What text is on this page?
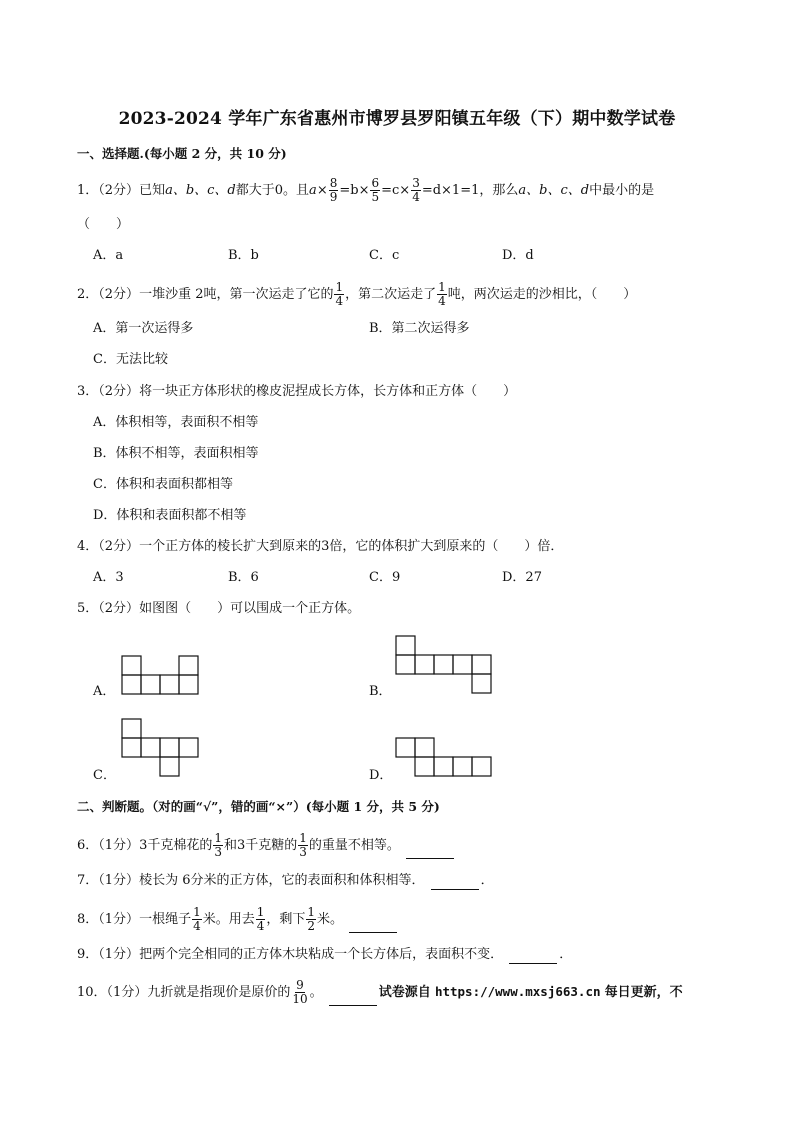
2023-2024 学年广东省惠州市博罗县罗阳镇五年级（下）期中数学试卷
一、选择题.(每小题 2 分，共 10 分)
1．（2分）已知a、b、c、d都大于0。且$a\times \frac{8}{9} =b\times \frac{6}{5} =c\times \frac{3}{4} =d\times 1=1$，那么a、b、c、d中最小的是
（　　）
A．a	B．b	C．c	D．d
2．（2分）一堆沙重 2吨，第一次运走了它的 $\frac{1}{4}$ ，第二次运走了 $\frac{1}{4}$ 吨，两次运走的沙相比，（　　）
A．第一次运得多	B．第二次运得多
C．无法比较
3．（2分）将一块正方体形状的橡皮泥捏成长方体，长方体和正方体（　　）
A．体积相等，表面积不相等
B．体积不相等，表面积相等
C．体积和表面积都相等
D．体积和表面积都不相等
4．（2分）一个正方体的棱长扩大到原来的3倍，它的体积扩大到原来的（　　）倍．
A．3	B．6	C．9	D．27
5．（2分）如图图（　　）可以围成一个正方体。
A．	B．
C．	D．
二、判断题。（对的画“√”，错的画“×”）(每小题 1 分，共 5 分)
6．（1分）3千克棉花的 $\frac{1}{3}$ 和3千克糖的 $\frac{1}{3}$ 的重量不相等。
7．（1分）棱长为 6分米的正方体，它的表面积和体积相等．	．
8．（1分）一根绳子 $\frac{1}{4}$ 米。用去 $\frac{1}{4}$ ，剩下 $\frac{1}{2}$ 米。
9．（1分）把两个完全相同的正方体木块粘成一个长方体后，表面积不变．	．
10．（1分）九折就是指现价是原价的 $\frac{9}{10}$ 。	试卷源自 https://www.mxsj663.cn 每日更新，不
